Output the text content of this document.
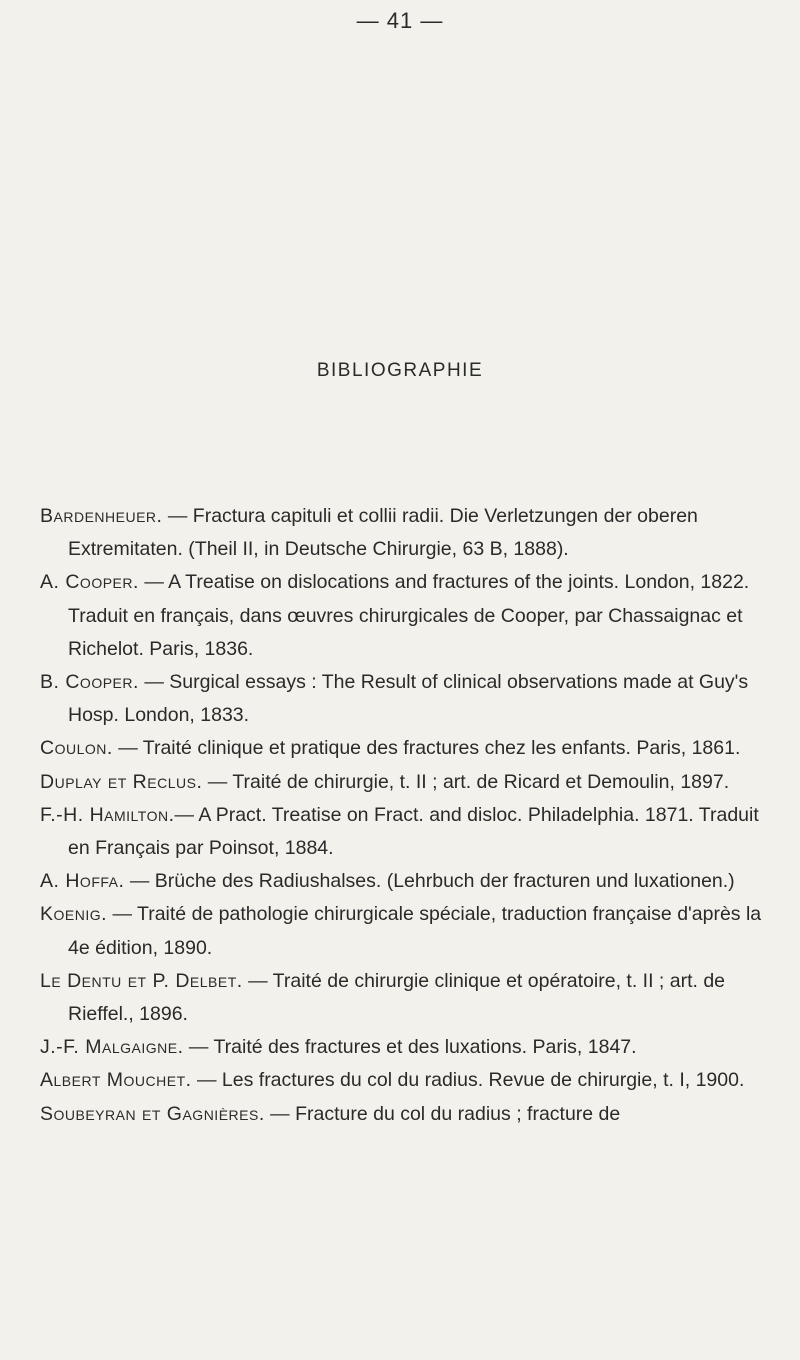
— 41 —
BIBLIOGRAPHIE

Bardenheuer. — Fractura capituli et collii radii. Die Verletzungen der oberen Extremitaten. (Theil II, in Deutsche Chirurgie, 63 B, 1888).

A. Cooper. — A Treatise on dislocations and fractures of the joints. London, 1822. Traduit en français, dans œuvres chirurgicales de Cooper, par Chassaignac et Richelot. Paris, 1836.

B. Cooper. — Surgical essays : The Result of clinical observations made at Guy's Hosp. London, 1833.

Coulon. — Traité clinique et pratique des fractures chez les enfants. Paris, 1861.

Duplay et Reclus. — Traité de chirurgie, t. II ; art. de Ricard et Demoulin, 1897.

F.-H. Hamilton.— A Pract. Treatise on Fract. and disloc. Philadelphia. 1871. Traduit en Français par Poinsot, 1884.

A. Hoffa. — Brüche des Radiushalses. (Lehrbuch der fracturen und luxationen.)

Koenig. — Traité de pathologie chirurgicale spéciale, traduction française d'après la 4e édition, 1890.

Le Dentu et P. Delbet. — Traité de chirurgie clinique et opératoire, t. II ; art. de Rieffel., 1896.

J.-F. Malgaigne. — Traité des fractures et des luxations. Paris, 1847.

Albert Mouchet. — Les fractures du col du radius. Revue de chirurgie, t. I, 1900.

Soubeyran et Gagnières. — Fracture du col du radius ; fracture de
